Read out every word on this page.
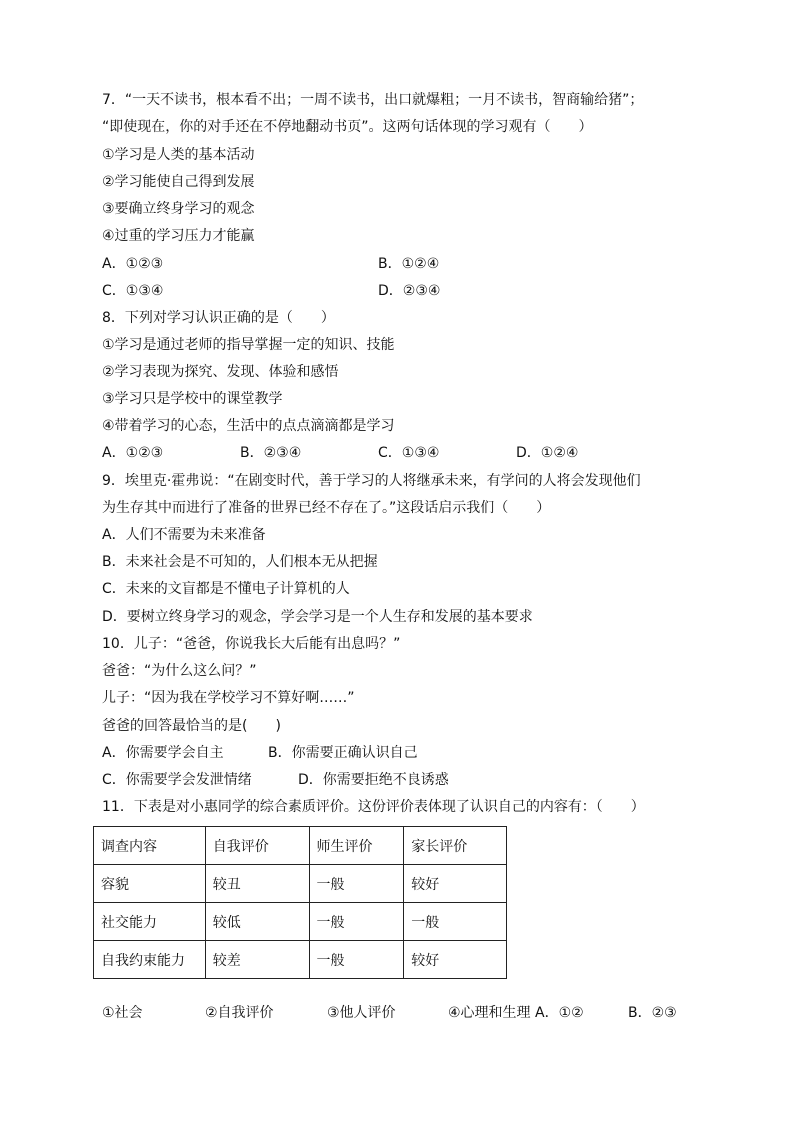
7．“一天不读书，根本看不出；一周不读书，出口就爆粗；一月不读书，智商输给猪”；
“即使现在，你的对手还在不停地翻动书页”。这两句话体现的学习观有（　　）
①学习是人类的基本活动
②学习能使自己得到发展
③要确立终身学习的观念
④过重的学习压力才能赢
A．①②③	B．①②④
C．①③④	D．②③④
8．下列对学习认识正确的是（　　）
①学习是通过老师的指导掌握一定的知识、技能
②学习表现为探究、发现、体验和感悟
③学习只是学校中的课堂教学
④带着学习的心态，生活中的点点滴滴都是学习
A．①②③	B．②③④	C．①③④	D．①②④
9．埃里克·霍弗说：“在剧变时代，善于学习的人将继承未来，有学问的人将会发现他们
为生存其中而进行了准备的世界已经不存在了。”这段话启示我们（　　）
A．人们不需要为未来准备
B．未来社会是不可知的，人们根本无从把握
C．未来的文盲都是不懂电子计算机的人
D．要树立终身学习的观念，学会学习是一个人生存和发展的基本要求
10．儿子：“爸爸，你说我长大后能有出息吗？”
爸爸：“为什么这么问？”
儿子：“因为我在学校学习不算好啊……”
爸爸的回答最恰当的是(　　)
A．你需要学会自主	B．你需要正确认识自己
C．你需要学会发泄情绪	D．你需要拒绝不良诱惑
11．下表是对小惠同学的综合素质评价。这份评价表体现了认识自己的内容有：（　　）
调查内容	自我评价	师生评价	家长评价
容貌	较丑	一般	较好
社交能力	较低	一般	一般
自我约束能力	较差	一般	较好
①社会	②自我评价	③他人评价	④心理和生理 A．①②	B．②③
